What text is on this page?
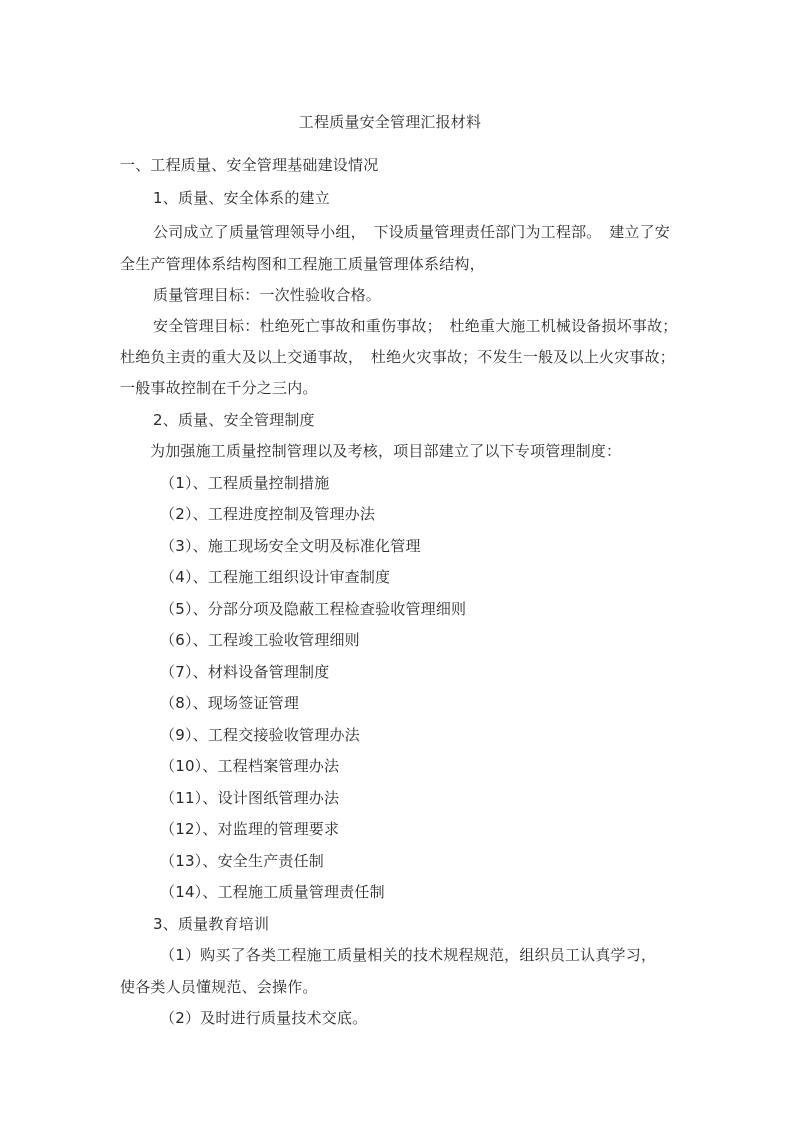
工程质量安全管理汇报材料
一、工程质量、安全管理基础建设情况
1、质量、安全体系的建立
公司成立了质量管理领导小组，　下设质量管理责任部门为工程部。　建立了安
全生产管理体系结构图和工程施工质量管理体系结构，
质量管理目标：一次性验收合格。
安全管理目标：杜绝死亡事故和重伤事故；　杜绝重大施工机械设备损坏事故；
杜绝负主责的重大及以上交通事故，　杜绝火灾事故；不发生一般及以上火灾事故；
一般事故控制在千分之三内。
2、质量、安全管理制度
为加强施工质量控制管理以及考核，项目部建立了以下专项管理制度：
（1）、工程质量控制措施
（2）、工程进度控制及管理办法
（3）、施工现场安全文明及标准化管理
（4）、工程施工组织设计审查制度
（5）、分部分项及隐蔽工程检查验收管理细则
（6）、工程竣工验收管理细则
（7）、材料设备管理制度
（8）、现场签证管理
（9）、工程交接验收管理办法
（10）、工程档案管理办法
（11）、设计图纸管理办法
（12）、对监理的管理要求
（13）、安全生产责任制
（14）、工程施工质量管理责任制
3、质量教育培训
（1）购买了各类工程施工质量相关的技术规程规范，组织员工认真学习，
使各类人员懂规范、会操作。
（2）及时进行质量技术交底。
